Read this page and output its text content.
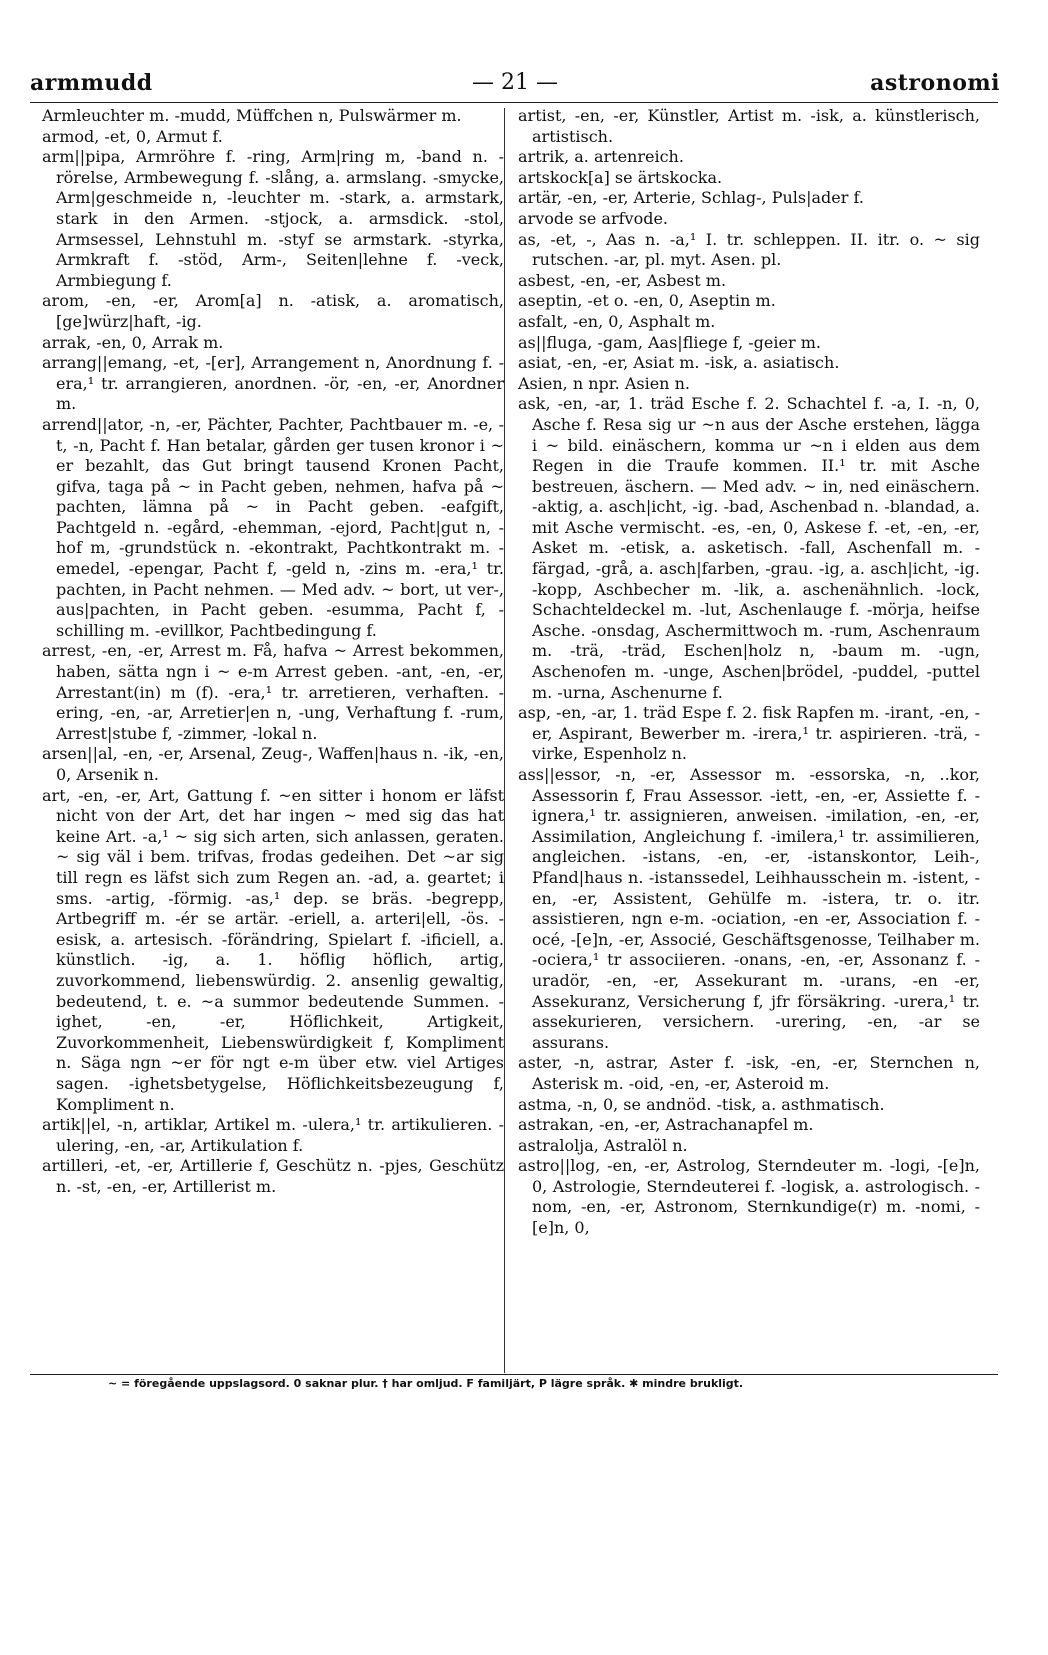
— 21 —
armmudd	astronomi

Armleuchter m. -mudd, Müffchen n, Pulswärmer m.

armod, -et, 0, Armut f.

arm||pipa, Armröhre f. -ring, Arm|ring m, -band n. -rörelse, Armbewegung f. -slång, a. armslang. -smycke, Arm|geschmeide n, -leuchter m. -stark, a. armstark, stark in den Armen. -stjock, a. armsdick. -stol, Armsessel, Lehnstuhl m. -styf se armstark. -styrka, Armkraft f. -stöd, Arm-, Seiten|lehne f. -veck, Armbiegung f.

arom, -en, -er, Arom[a] n. -atisk, a. aromatisch, [ge]würz|haft, -ig.

arrak, -en, 0, Arrak m.

arrang||emang, -et, -[er], Arrangement n, Anordnung f. -era,¹ tr. arrangieren, anordnen. -ör, -en, -er, Anordner m.

arrend||ator, -n, -er, Pächter, Pachter, Pachtbauer m. -e, -t, -n, Pacht f. Han betalar, gården ger tusen kronor i ~ er bezahlt, das Gut bringt tausend Kronen Pacht, gifva, taga på ~ in Pacht geben, nehmen, hafva på ~ pachten, lämna på ~ in Pacht geben. -eafgift, Pachtgeld n. -egård, -ehemman, -ejord, Pacht|gut n, -hof m, -grundstück n. -ekontrakt, Pachtkontrakt m. -emedel, -epengar, Pacht f, -geld n, -zins m. -era,¹ tr. pachten, in Pacht nehmen. — Med adv. ~ bort, ut ver-, aus|pachten, in Pacht geben. -esumma, Pacht f, -schilling m. -evillkor, Pachtbedingung f.

arrest, -en, -er, Arrest m. Få, hafva ~ Arrest bekommen, haben, sätta ngn i ~ e-m Arrest geben. -ant, -en, -er, Arrestant(in) m (f). -era,¹ tr. arretieren, verhaften. -ering, -en, -ar, Arretier|en n, -ung, Verhaftung f. -rum, Arrest|stube f, -zimmer, -lokal n.

arsen||al, -en, -er, Arsenal, Zeug-, Waffen|haus n. -ik, -en, 0, Arsenik n.

art, -en, -er, Art, Gattung f. ~en sitter i honom er läfst nicht von der Art, det har ingen ~ med sig das hat keine Art. -a,¹ ~ sig sich arten, sich anlassen, geraten. ~ sig väl i bem. trifvas, frodas gedeihen. Det ~ar sig till regn es läfst sich zum Regen an. -ad, a. geartet; i sms. -artig, -förmig. -as,¹ dep. se bräs. -begrepp, Artbegriff m. -ér se artär. -eriell, a. arteri|ell, -ös. -esisk, a. artesisch. -förändring, Spielart f. -ificiell, a. künstlich. -ig, a. 1. höflig höflich, artig, zuvorkommend, liebenswürdig. 2. ansenlig gewaltig, bedeutend, t. e. ~a summor bedeutende Summen. -ighet, -en, -er, Höflichkeit, Artigkeit, Zuvorkommenheit, Liebenswürdigkeit f, Kompliment n. Säga ngn ~er för ngt e-m über etw. viel Artiges sagen. -ighetsbetygelse, Höflichkeitsbezeugung f, Kompliment n.

artik||el, -n, artiklar, Artikel m. -ulera,¹ tr. artikulieren. -ulering, -en, -ar, Artikulation f.

artilleri, -et, -er, Artillerie f, Geschütz n. -pjes, Geschütz n. -st, -en, -er, Artillerist m.

artist, -en, -er, Künstler, Artist m. -isk, a. künstlerisch, artistisch.

artrik, a. artenreich.

artskock[a] se ärtskocka.

artär, -en, -er, Arterie, Schlag-, Puls|ader f.

arvode se arfvode.

as, -et, -, Aas n. -a,¹ I. tr. schleppen. II. itr. o. ~ sig rutschen. -ar, pl. myt. Asen. pl.

asbest, -en, -er, Asbest m.

aseptin, -et o. -en, 0, Aseptin m.

asfalt, -en, 0, Asphalt m.

as||fluga, -gam, Aas|fliege f, -geier m.

asiat, -en, -er, Asiat m. -isk, a. asiatisch.

Asien, n npr. Asien n.

ask, -en, -ar, 1. träd Esche f. 2. Schachtel f. -a, I. -n, 0, Asche f. Resa sig ur ~n aus der Asche erstehen, lägga i ~ bild. einäschern, komma ur ~n i elden aus dem Regen in die Traufe kommen. II.¹ tr. mit Asche bestreuen, äschern. — Med adv. ~ in, ned einäschern. -aktig, a. asch|icht, -ig. -bad, Aschenbad n. -blandad, a. mit Asche vermischt. -es, -en, 0, Askese f. -et, -en, -er, Asket m. -etisk, a. asketisch. -fall, Aschenfall m. -färgad, -grå, a. asch|farben, -grau. -ig, a. asch|icht, -ig. -kopp, Aschbecher m. -lik, a. aschenähnlich. -lock, Schachteldeckel m. -lut, Aschenlauge f. -mörja, heifse Asche. -onsdag, Aschermittwoch m. -rum, Aschenraum m. -trä, -träd, Eschen|holz n, -baum m. -ugn, Aschenofen m. -unge, Aschen|brödel, -puddel, -puttel m. -urna, Aschenurne f.

asp, -en, -ar, 1. träd Espe f. 2. fisk Rapfen m. -irant, -en, -er, Aspirant, Bewerber m. -irera,¹ tr. aspirieren. -trä, -virke, Espenholz n.

ass||essor, -n, -er, Assessor m. -essorska, -n, ..kor, Assessorin f, Frau Assessor. -iett, -en, -er, Assiette f. -ignera,¹ tr. assignieren, anweisen. -imilation, -en, -er, Assimilation, Angleichung f. -imilera,¹ tr. assimilieren, angleichen. -istans, -en, -er, -istanskontor, Leih-, Pfand|haus n. -istanssedel, Leihhausschein m. -istent, -en, -er, Assistent, Gehülfe m. -istera, tr. o. itr. assistieren, ngn e-m. -ociation, -en -er, Association f. -océ, -[e]n, -er, Associé, Geschäftsgenosse, Teilhaber m. -ociera,¹ tr associieren. -onans, -en, -er, Assonanz f. -uradör, -en, -er, Assekurant m. -urans, -en -er, Assekuranz, Versicherung f, jfr försäkring. -urera,¹ tr. assekurieren, versichern. -urering, -en, -ar se assurans.

aster, -n, astrar, Aster f. -isk, -en, -er, Sternchen n, Asterisk m. -oid, -en, -er, Asteroid m.

astma, -n, 0, se andnöd. -tisk, a. asthmatisch.

astrakan, -en, -er, Astrachanapfel m.

astralolja, Astralöl n.

astro||log, -en, -er, Astrolog, Sterndeuter m. -logi, -[e]n, 0, Astrologie, Sterndeuterei f. -logisk, a. astrologisch. -nom, -en, -er, Astronom, Sternkundige(r) m. -nomi, -[e]n, 0,

~ = föregående uppslagsord. 0 saknar plur. † har omljud. F familjärt, P lägre språk. ✱ mindre brukligt.
